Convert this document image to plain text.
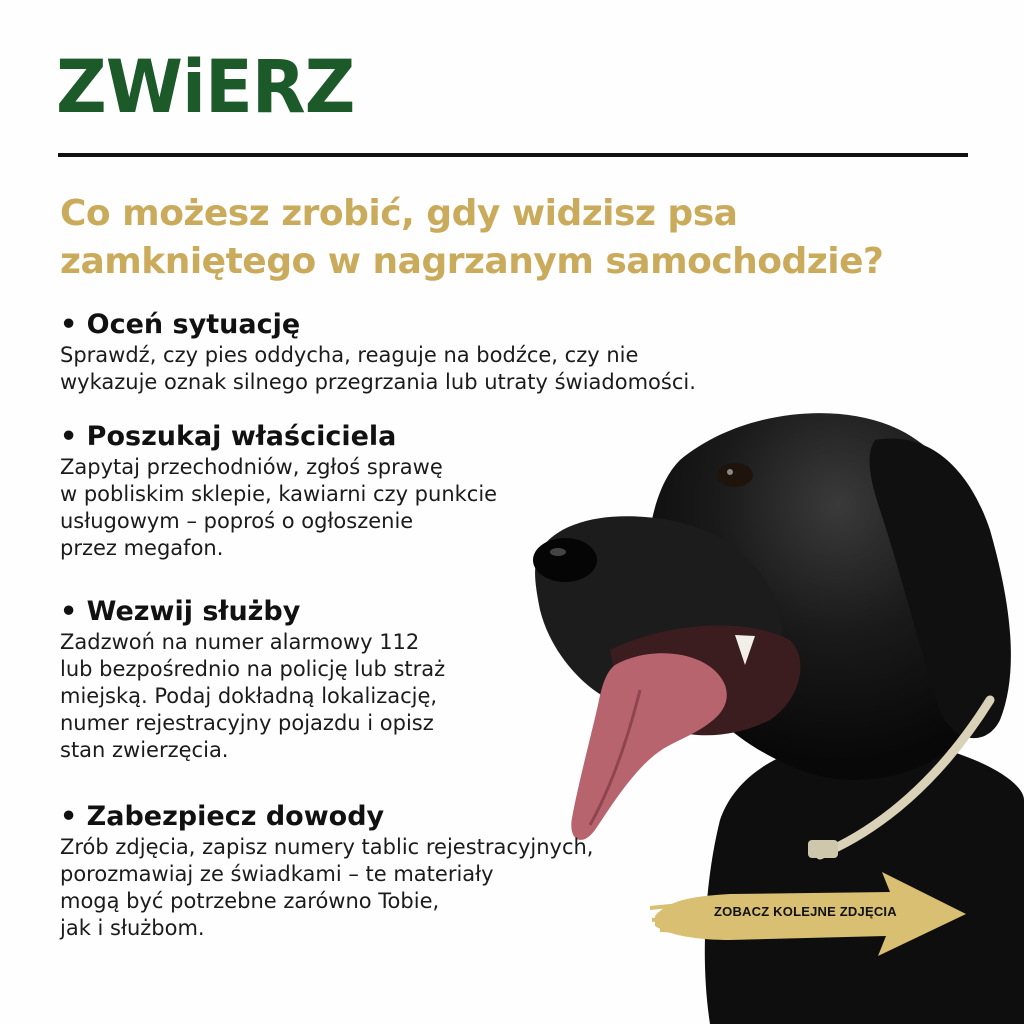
ZWiERZ
Co możesz zrobić, gdy widzisz psa zamkniętego w nagrzanym samochodzie?
• Oceń sytuację

Sprawdź, czy pies oddycha, reaguje na bodźce, czy nie
wykazuje oznak silnego przegrzania lub utraty świadomości.

• Poszukaj właściciela

Zapytaj przechodniów, zgłoś sprawę
w pobliskim sklepie, kawiarni czy punkcie
usługowym – poproś o ogłoszenie
przez megafon.

• Wezwij służby

Zadzwoń na numer alarmowy 112
lub bezpośrednio na policję lub straż
miejską. Podaj dokładną lokalizację,
numer rejestracyjny pojazdu i opisz
stan zwierzęcia.

• Zabezpiecz dowody

Zrób zdjęcia, zapisz numery tablic rejestracyjnych,
porozmawiaj ze świadkami – te materiały
mogą być potrzebne zarówno Tobie,
jak i służbom.

ZOBACZ KOLEJNE ZDJĘCIA
